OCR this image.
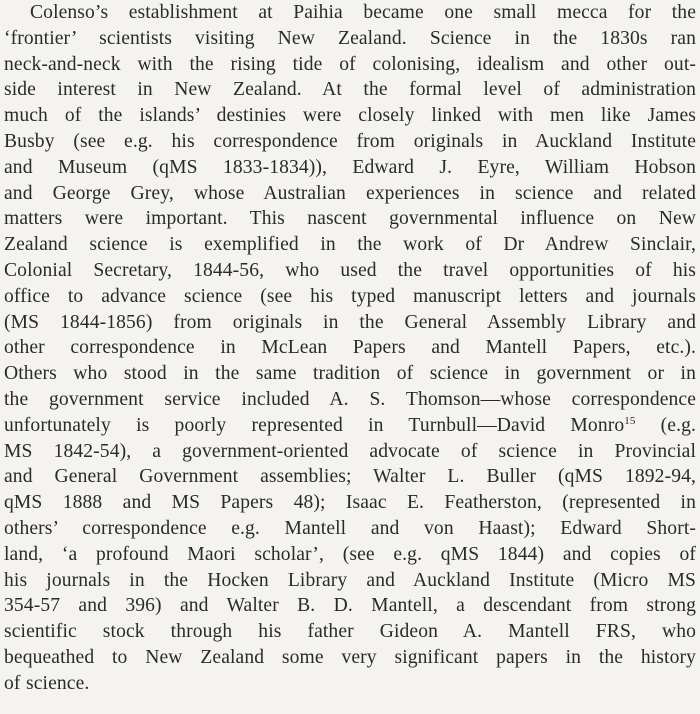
Colenso’s establishment at Paihia became one small mecca for the
‘frontier’ scientists visiting New Zealand. Science in the 1830s ran
neck-and-neck with the rising tide of colonising, idealism and other out-
side interest in New Zealand. At the formal level of administration
much of the islands’ destinies were closely linked with men like James
Busby (see e.g. his correspondence from originals in Auckland Institute
and Museum (qMS 1833-1834)), Edward J. Eyre, William Hobson
and George Grey, whose Australian experiences in science and related
matters were important. This nascent governmental influence on New
Zealand science is exemplified in the work of Dr Andrew Sinclair,
Colonial Secretary, 1844-56, who used the travel opportunities of his
office to advance science (see his typed manuscript letters and journals
(MS 1844-1856) from originals in the General Assembly Library and
other correspondence in McLean Papers and Mantell Papers, etc.).
Others who stood in the same tradition of science in government or in
the government service included A. S. Thomson—whose correspondence
unfortunately is poorly represented in Turnbull—David Monro$^{15}$ (e.g.
MS 1842-54), a government-oriented advocate of science in Provincial
and General Government assemblies; Walter L. Buller (qMS 1892-94,
qMS 1888 and MS Papers 48); Isaac E. Featherston, (represented in
others’ correspondence e.g. Mantell and von Haast); Edward Short-
land, ‘a profound Maori scholar’, (see e.g. qMS 1844) and copies of
his journals in the Hocken Library and Auckland Institute (Micro MS
354-57 and 396) and Walter B. D. Mantell, a descendant from strong
scientific stock through his father Gideon A. Mantell FRS, who
bequeathed to New Zealand some very significant papers in the history
of science.
